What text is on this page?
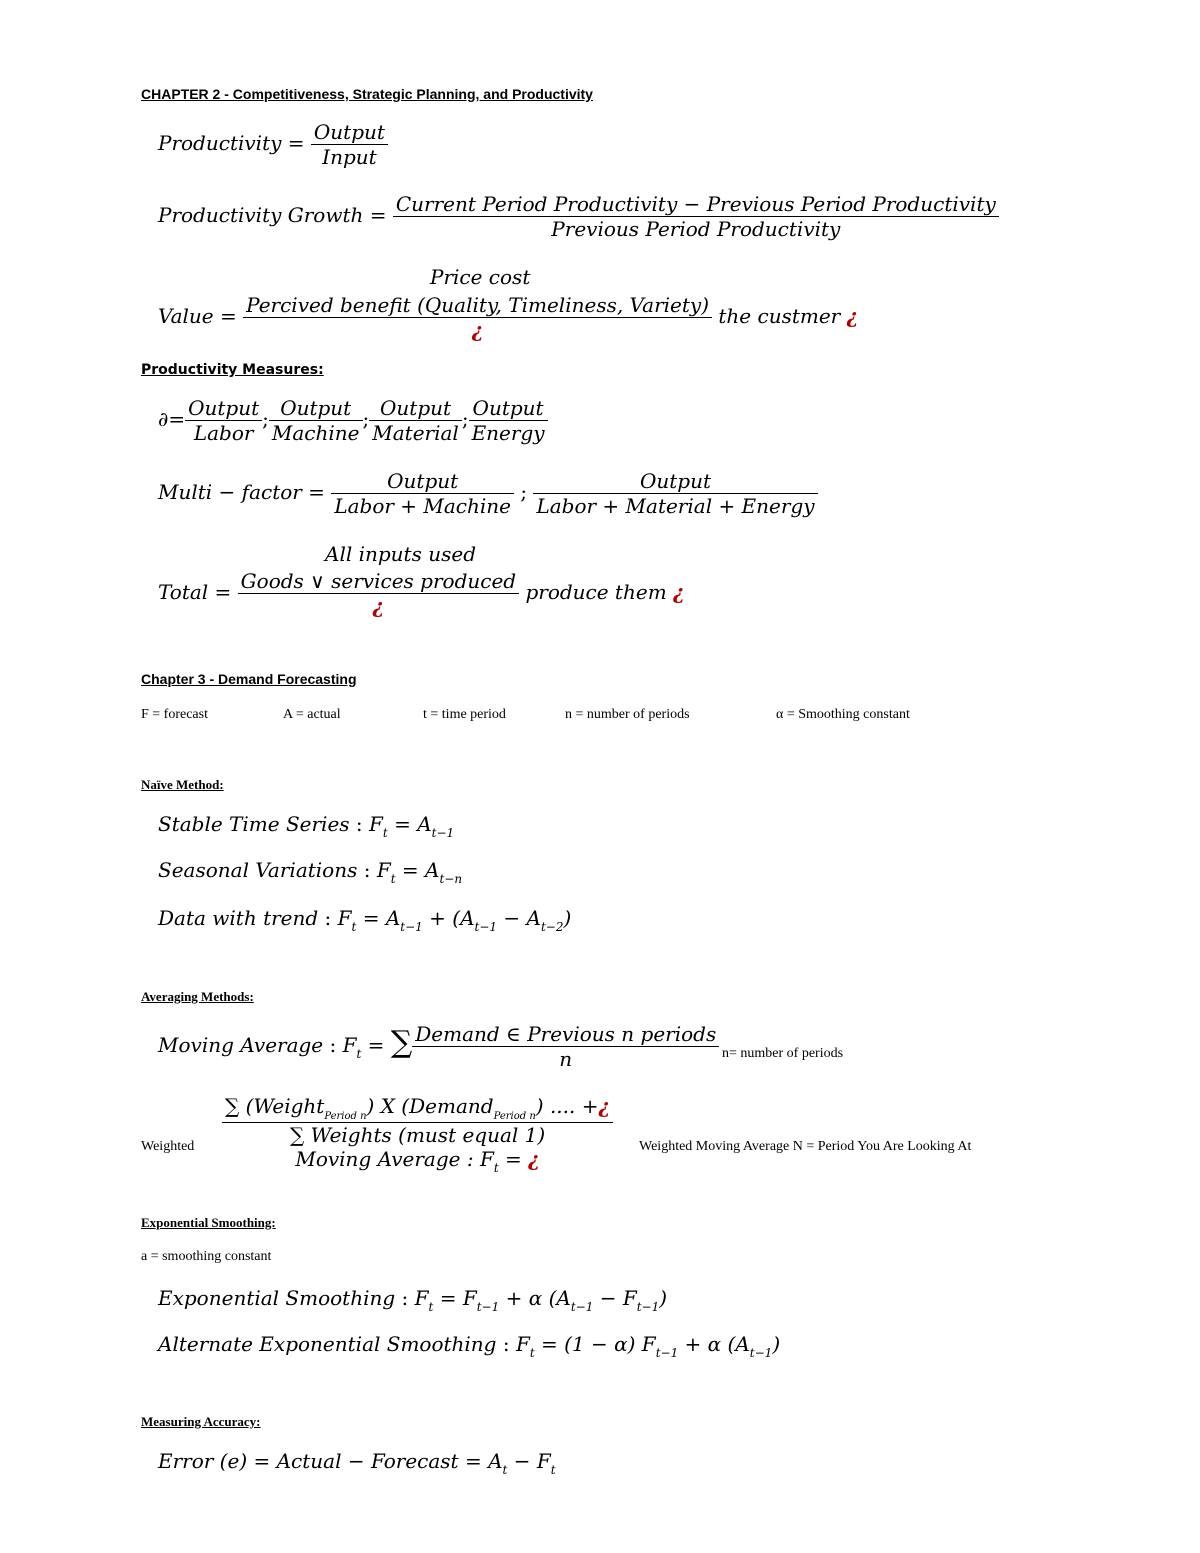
CHAPTER 2 - Competitiveness, Strategic Planning, and Productivity
Productivity = $\frac{\text{Output}}{\text{Input}}$
Productivity Growth = $\frac{\text{Current Period Productivity − Previous Period Productivity}}{\text{Previous Period Productivity}}$
Price cost
Value = $\frac{\text{Percived benefit (Quality, Timeliness, Variety)}}{¿}$ the custmer ¿
Productivity Measures:
∂= $\frac{\text{Output}}{\text{Labor}}$ ; $\frac{\text{Output}}{\text{Machine}}$ ; $\frac{\text{Output}}{\text{Material}}$ ; $\frac{\text{Output}}{\text{Energy}}$
Multi − factor = $\frac{\text{Output}}{\text{Labor + Machine}}$ ; $\frac{\text{Output}}{\text{Labor + Material + Energy}}$
All inputs used
Total = $\frac{\text{Goods ∨ services produced}}{¿}$ produce them ¿
Chapter 3 - Demand Forecasting
F = forecast	A = actual	t = time period	n = number of periods	α = Smoothing constant
Naïve Method:
Stable Time Series : $F_t = A_{t-1}$
Seasonal Variations : $F_t = A_{t-n}$
Data with trend : $F_t = A_{t-1} + (A_{t-1} - A_{t-2})$
Averaging Methods:
Moving Average : $F_t$ = ∑ $\frac{\text{Demand ∈ Previous n periods}}{n} n=$ number of periods
Weighted
∑ (Weight$_{Period n}$) X (Demand$_{Period n}$) .... +¿
∑ Weights (must equal 1)
Moving Average : $F_t$ = ¿
Weighted Moving Average N = Period You Are Looking At
Exponential Smoothing:
a = smoothing constant
Exponential Smoothing : $F_t = F_{t-1} + \alpha$ $(A_{t-1} - F_{t-1})$
Alternate Exponential Smoothing : $F_t = (1 - \alpha) F_{t-1} + \alpha$ $(A_{t-1})$
Measuring Accuracy:
Error (e) = Actual − Forecast = $A_t - F_t$
